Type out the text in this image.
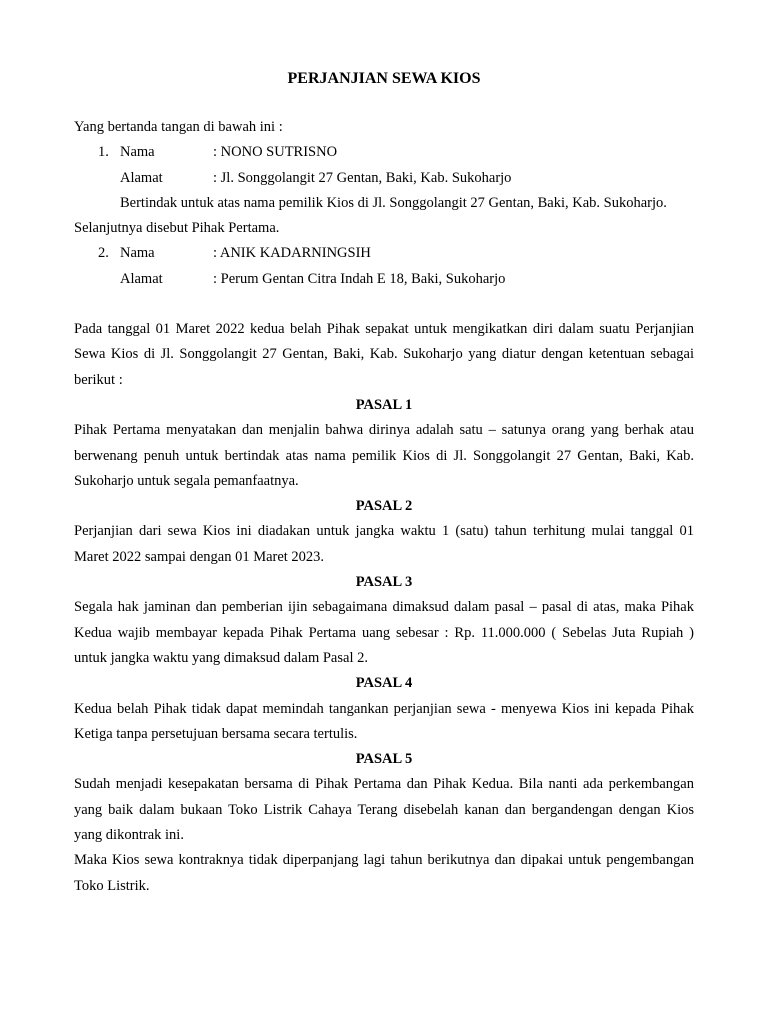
PERJANJIAN SEWA KIOS

Yang bertanda tangan di bawah ini :

1. Nama	: NONO SUTRISNO
Alamat	: Jl. Songgolangit 27 Gentan, Baki, Kab. Sukoharjo
Bertindak untuk atas nama pemilik Kios di Jl. Songgolangit 27 Gentan, Baki, Kab. Sukoharjo.

Selanjutnya disebut Pihak Pertama.

2. Nama	: ANIK KADARNINGSIH
Alamat	: Perum Gentan Citra Indah E 18, Baki, Sukoharjo
Pada tanggal 01 Maret 2022 kedua belah Pihak sepakat untuk mengikatkan diri dalam suatu Perjanjian Sewa Kios di Jl. Songgolangit 27 Gentan, Baki, Kab. Sukoharjo yang diatur dengan ketentuan sebagai berikut :
PASAL 1
Pihak Pertama menyatakan dan menjalin bahwa dirinya adalah satu – satunya orang yang berhak atau berwenang penuh untuk bertindak atas nama pemilik Kios di Jl. Songgolangit 27 Gentan, Baki, Kab. Sukoharjo untuk segala pemanfaatnya.
PASAL 2
Perjanjian dari sewa Kios ini diadakan untuk jangka waktu 1 (satu) tahun terhitung mulai tanggal 01 Maret 2022 sampai dengan 01 Maret 2023.
PASAL 3
Segala hak jaminan dan pemberian ijin sebagaimana dimaksud dalam pasal – pasal di atas, maka Pihak Kedua wajib membayar kepada Pihak Pertama uang sebesar : Rp. 11.000.000 ( Sebelas Juta Rupiah ) untuk jangka waktu yang dimaksud dalam Pasal 2.
PASAL 4
Kedua belah Pihak tidak dapat memindah tangankan perjanjian sewa - menyewa Kios ini kepada Pihak Ketiga tanpa persetujuan bersama secara tertulis.
PASAL 5
Sudah menjadi kesepakatan bersama di Pihak Pertama dan Pihak Kedua. Bila nanti ada perkembangan yang baik dalam bukaan Toko Listrik Cahaya Terang disebelah kanan dan bergandengan dengan Kios yang dikontrak ini.
Maka Kios sewa kontraknya tidak diperpanjang lagi tahun berikutnya dan dipakai untuk pengembangan Toko Listrik.
